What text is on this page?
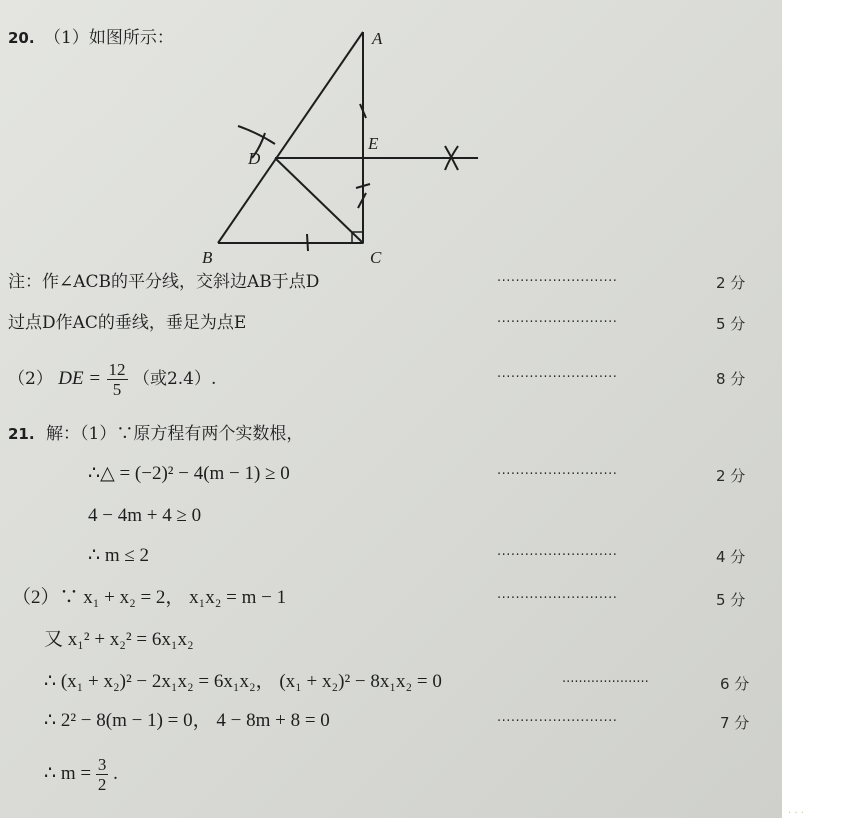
20. （1）如图所示：	A
B	C
D
E
注：作∠ACB的平分线，交斜边AB于点D	··························	2 分
过点D作AC的垂线，垂足为点E	··························	5 分
（2） DE = $\frac{12}{5}$ （或2.4）.	··························	8 分
21. 解：（1）∵原方程有两个实数根，
∴△ = (−2)² − 4(m − 1) ≥ 0	··························	2 分
4 − 4m + 4 ≥ 0
∴ m ≤ 2	··························	4 分
（2）∵ x₁ + x₂ = 2， x₁x₂ = m − 1	··························	5 分
又 x₁² + x₂² = 6x₁x₂
∴ (x₁ + x₂)² − 2x₁x₂ = 6x₁x₂， (x₁ + x₂)² − 8x₁x₂ = 0	·····················	6 分
∴ 2² − 8(m − 1) = 0， 4 − 8m + 8 = 0	··························	7 分
∴ $m = \frac{3}{2}$ .
· · ·
